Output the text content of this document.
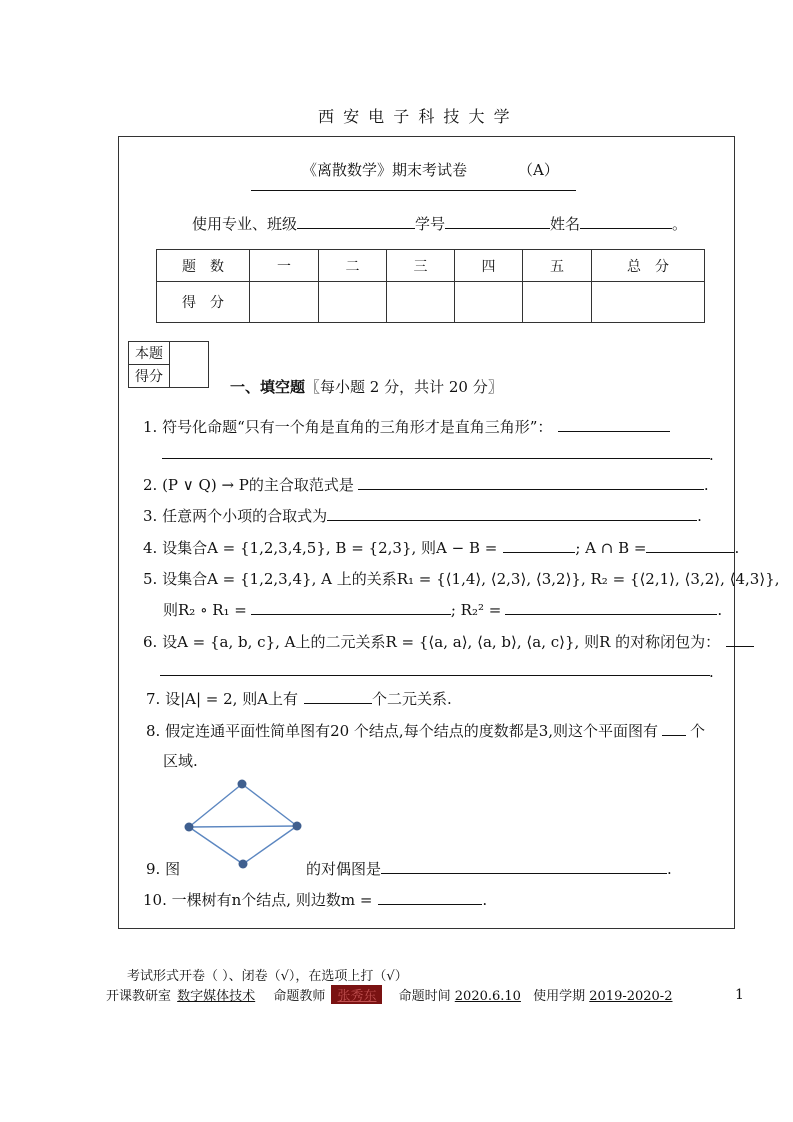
西 安 电 子 科 技 大 学
《离散数学》期末考试卷	（A）
使用专业、班级	学号	姓名	。
题　数	一	二	三	四	五	总　分
得　分						
本题	
得分
一、填空题〖每小题 2 分，共计 20 分〗
1. 符号化命题“只有一个角是直角的三角形才是直角三角形”：
.
2. (P ∨ Q) → P的主合取范式是	.
3. 任意两个小项的合取式为	.
4. 设集合A = {1,2,3,4,5}, B = {2,3}, 则A − B =	; A ∩ B =	.
5. 设集合A = {1,2,3,4}, A 上的关系R₁ = {⟨1,4⟩, ⟨2,3⟩, ⟨3,2⟩}, R₂ = {⟨2,1⟩, ⟨3,2⟩, ⟨4,3⟩},
则R₂ ∘ R₁ =	; R₂² =	.
6. 设A = {a, b, c}, A上的二元关系R = {⟨a, a⟩, ⟨a, b⟩, ⟨a, c⟩}, 则R 的对称闭包为：
.
7. 设|A| = 2, 则A上有	个二元关系.
8. 假定连通平面性简单图有20 个结点,每个结点的度数都是3,则这个平面图有 个
区域.
9. 图	的对偶图是	.
10. 一棵树有n个结点, 则边数m =	.
考试形式开卷（ ）、闭卷（√），在选项上打（√）
开课教研室 数字媒体技术 命题教师 张秀东 命题时间 2020.6.10 使用学期 2019-2020-2	1
